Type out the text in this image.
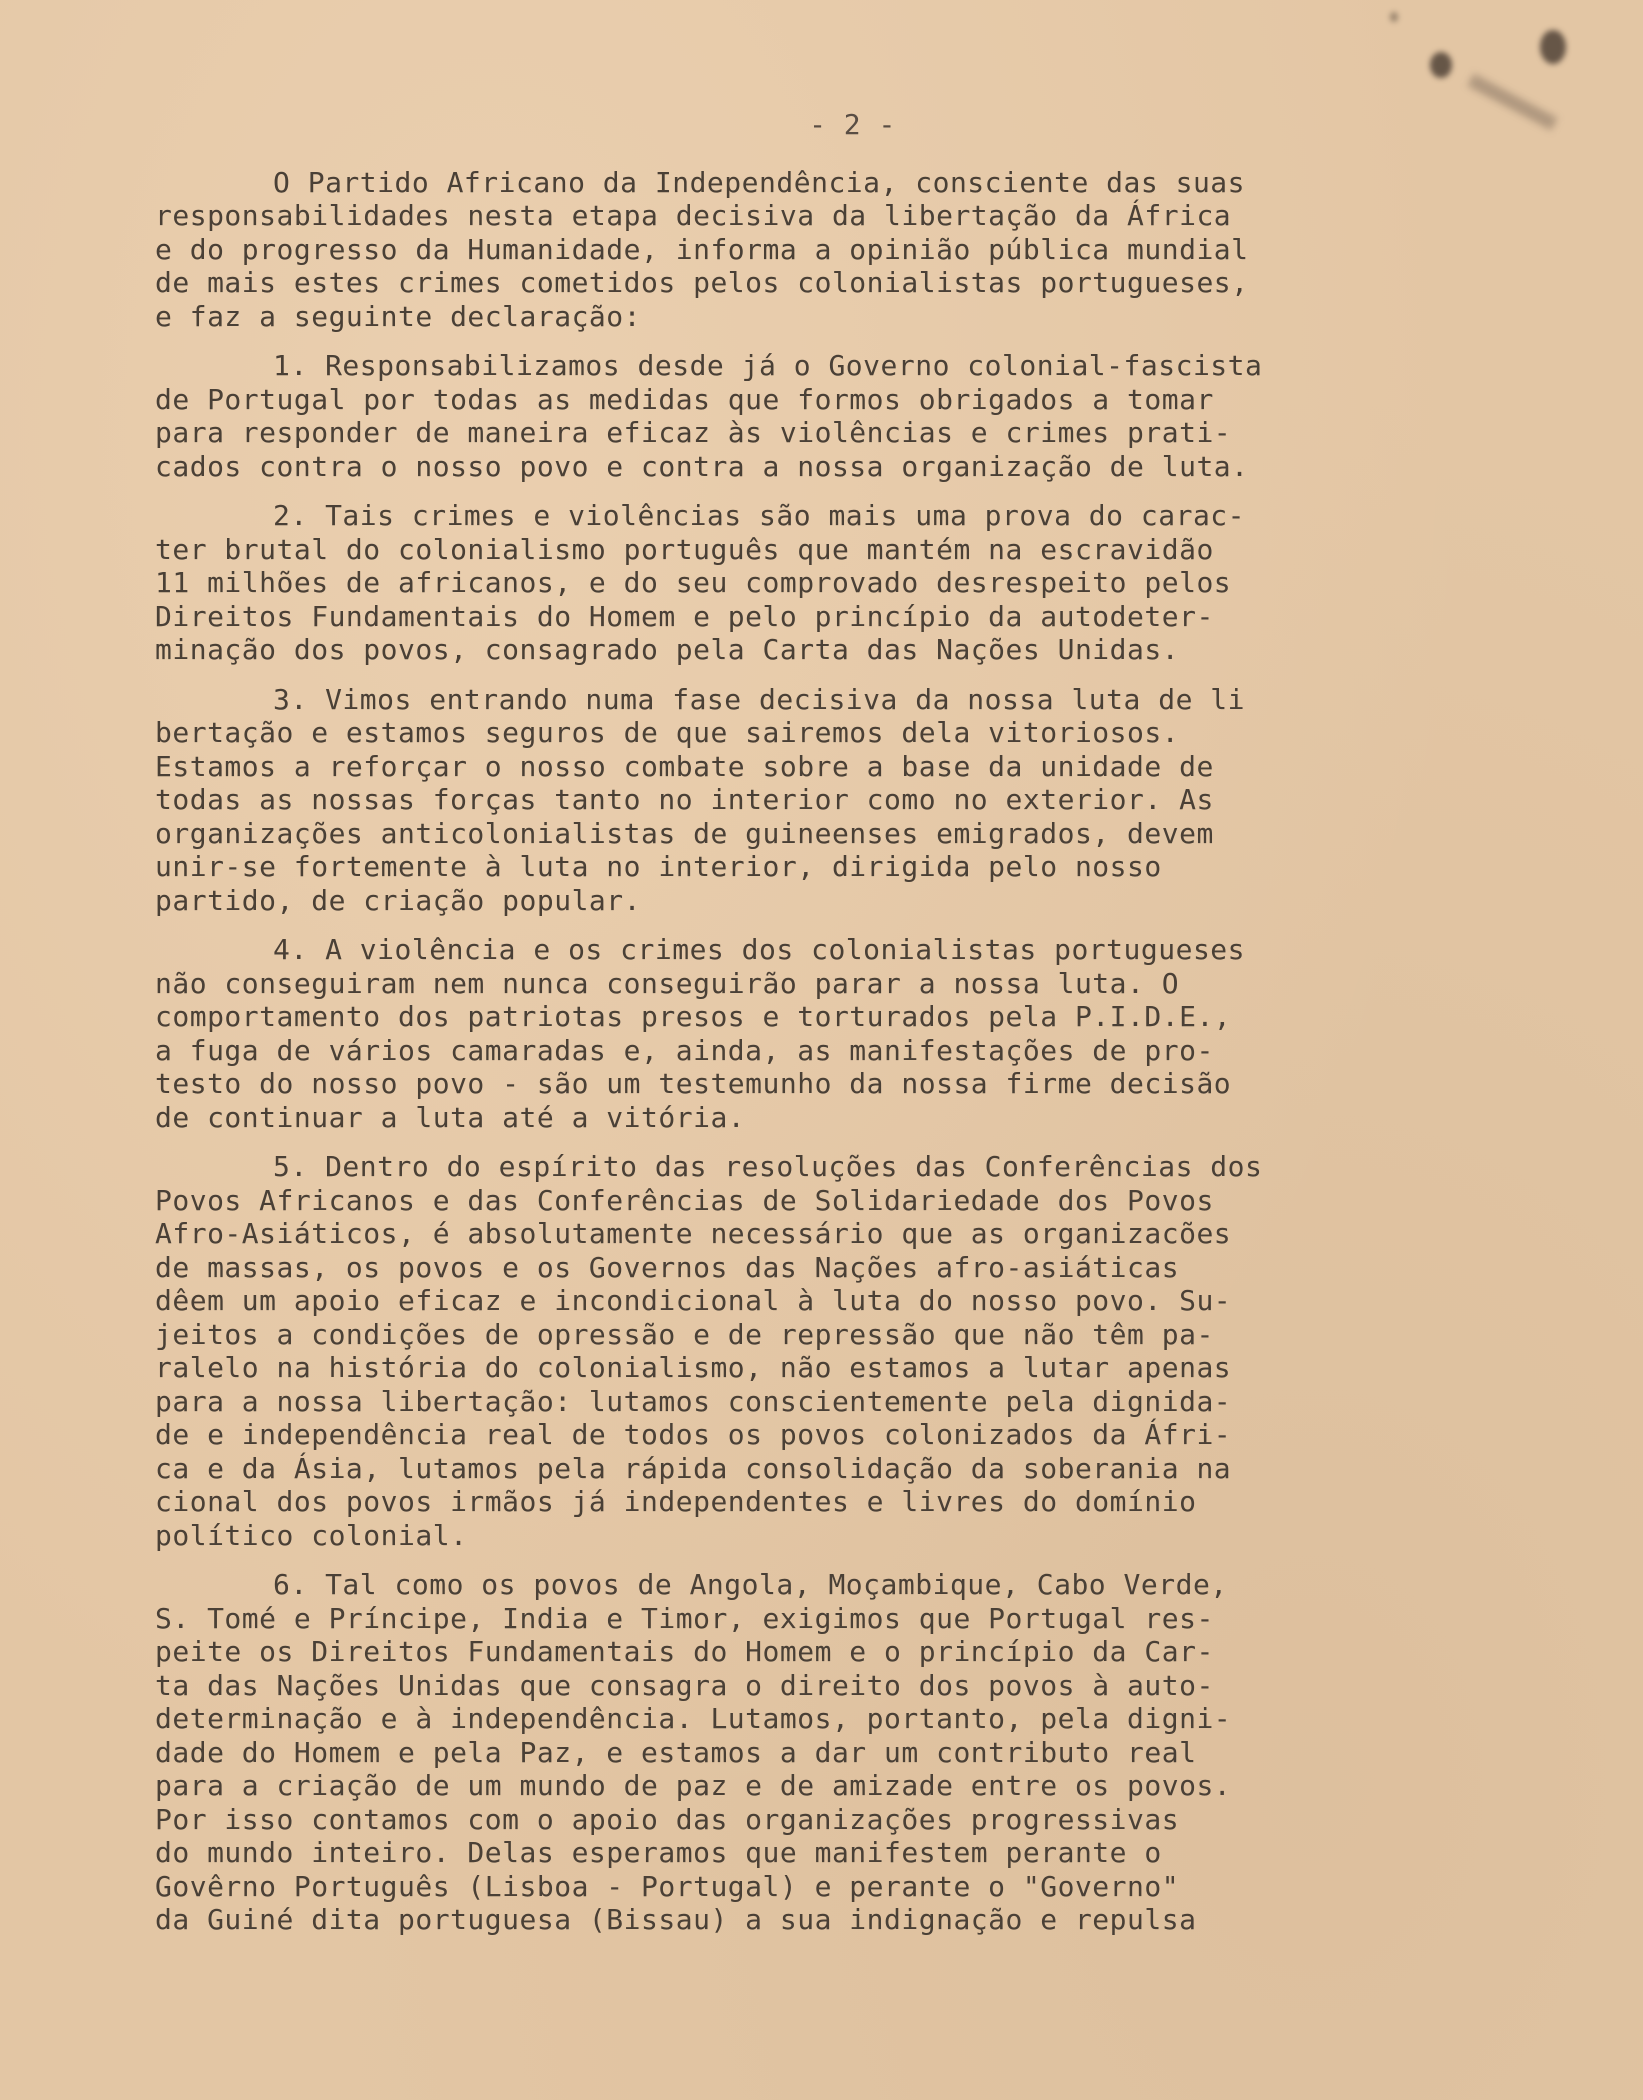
- 2 -
O Partido Africano da Independência, consciente das suas
responsabilidades nesta etapa decisiva da libertação da África
e do progresso da Humanidade, informa a opinião pública mundial
de mais estes crimes cometidos pelos colonialistas portugueses,
e faz a seguinte declaração:
1. Responsabilizamos desde já o Governo colonial-fascista
de Portugal por todas as medidas que formos obrigados a tomar
para responder de maneira eficaz às violências e crimes prati-
cados contra o nosso povo e contra a nossa organização de luta.
2. Tais crimes e violências são mais uma prova do carac-
ter brutal do colonialismo português que mantém na escravidão
11 milhões de africanos, e do seu comprovado desrespeito pelos
Direitos Fundamentais do Homem e pelo princípio da autodeter-
minação dos povos, consagrado pela Carta das Nações Unidas.
3. Vimos entrando numa fase decisiva da nossa luta de li
bertação e estamos seguros de que sairemos dela vitoriosos.
Estamos a reforçar o nosso combate sobre a base da unidade de
todas as nossas forças tanto no interior como no exterior. As
organizações anticolonialistas de guineenses emigrados, devem
unir-se fortemente à luta no interior, dirigida pelo nosso
partido, de criação popular.
4. A violência e os crimes dos colonialistas portugueses
não conseguiram nem nunca conseguirão parar a nossa luta. O
comportamento dos patriotas presos e torturados pela P.I.D.E.,
a fuga de vários camaradas e, ainda, as manifestações de pro-
testo do nosso povo - são um testemunho da nossa firme decisão
de continuar a luta até a vitória.
5. Dentro do espírito das resoluções das Conferências dos
Povos Africanos e das Conferências de Solidariedade dos Povos
Afro-Asiáticos, é absolutamente necessário que as organizacões
de massas, os povos e os Governos das Nações afro-asiáticas
dêem um apoio eficaz e incondicional à luta do nosso povo. Su-
jeitos a condições de opressão e de repressão que não têm pa-
ralelo na história do colonialismo, não estamos a lutar apenas
para a nossa libertação: lutamos conscientemente pela dignida-
de e independência real de todos os povos colonizados da Áfri-
ca e da Ásia, lutamos pela rápida consolidação da soberania na
cional dos povos irmãos já independentes e livres do domínio
político colonial.
6. Tal como os povos de Angola, Moçambique, Cabo Verde,
S. Tomé e Príncipe, India e Timor, exigimos que Portugal res-
peite os Direitos Fundamentais do Homem e o princípio da Car-
ta das Nações Unidas que consagra o direito dos povos à auto-
determinação e à independência. Lutamos, portanto, pela digni-
dade do Homem e pela Paz, e estamos a dar um contributo real
para a criação de um mundo de paz e de amizade entre os povos.
Por isso contamos com o apoio das organizações progressivas
do mundo inteiro. Delas esperamos que manifestem perante o
Govêrno Português (Lisboa - Portugal) e perante o "Governo"
da Guiné dita portuguesa (Bissau) a sua indignação e repulsa
